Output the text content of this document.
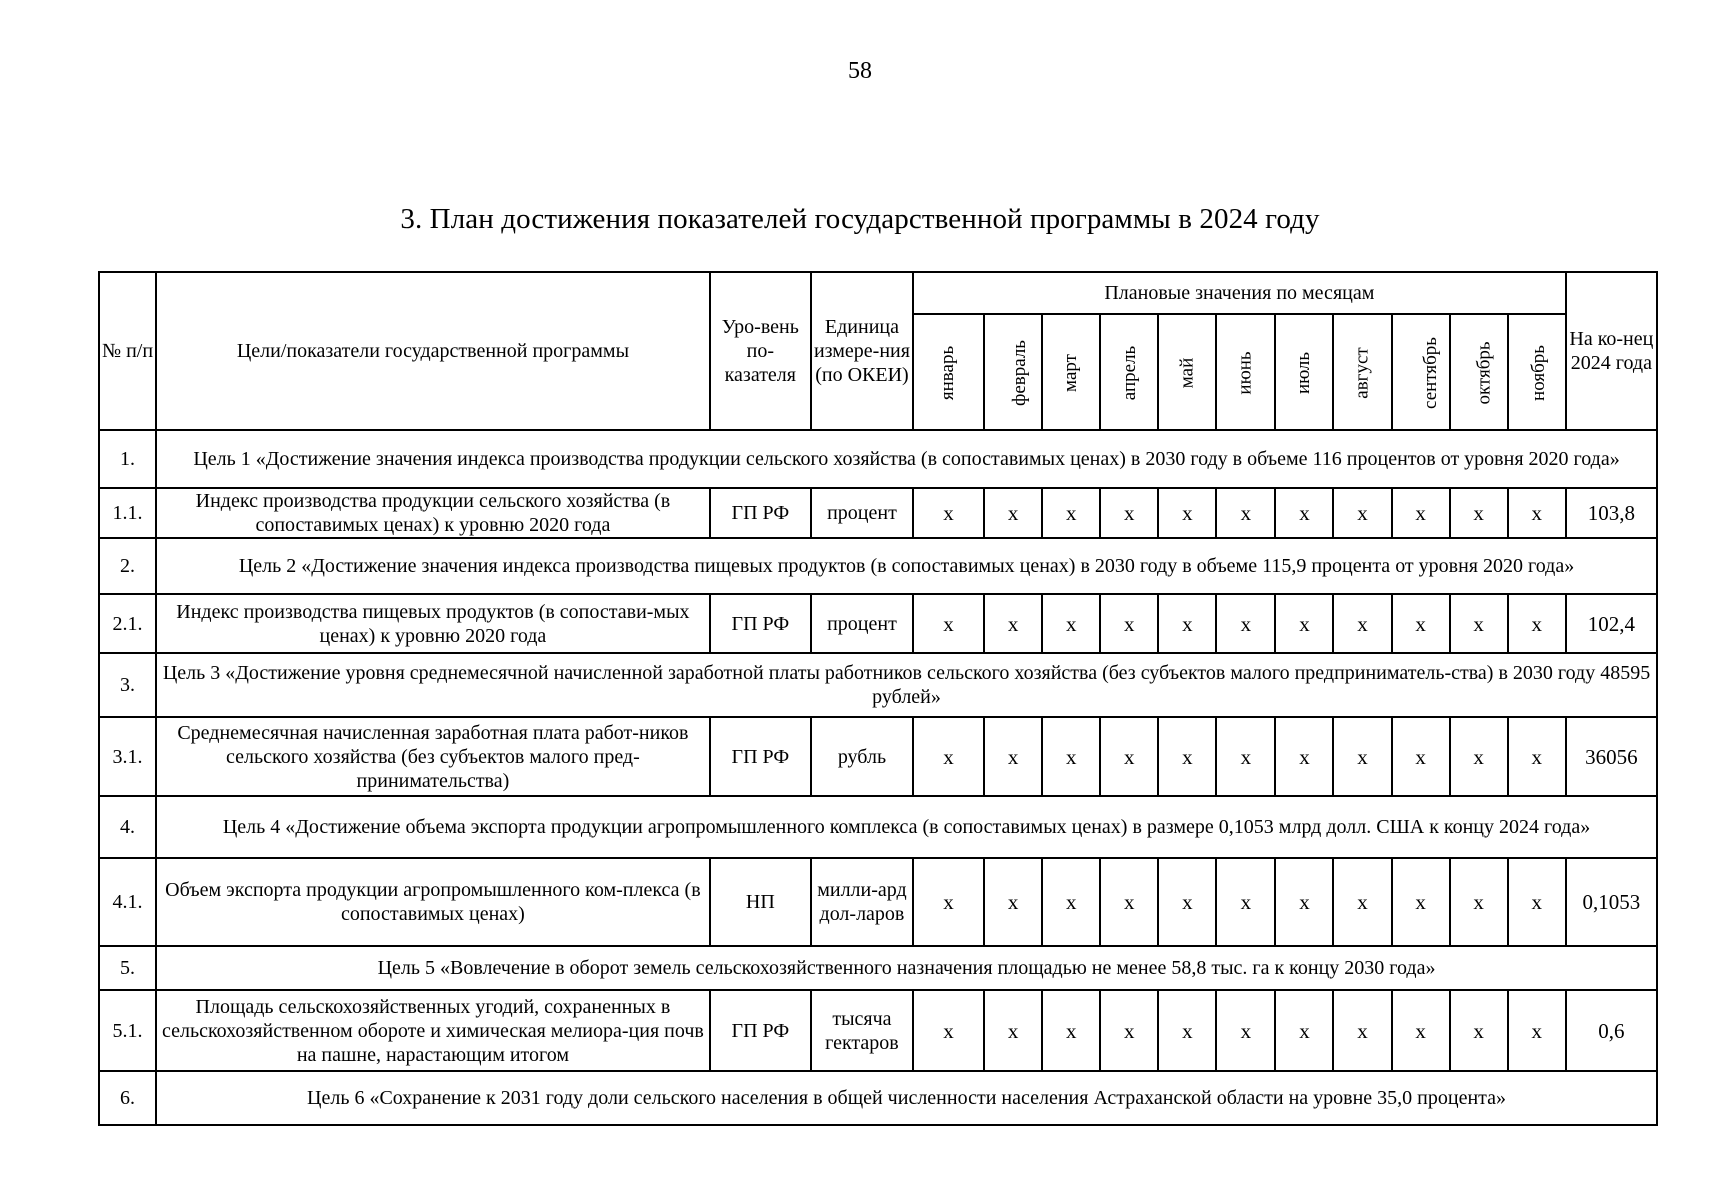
58
3. План достижения показателей государственной программы в 2024 году
№ п/п	Цели/показатели государственной программы	Уро-вень по-казателя	Единица измере-ния (по ОКЕИ)	Плановые значения по месяцам											На ко-нец 2024 года
				январь	февраль	март	апрель	май	июнь	июль	август	сентябрь	октябрь	ноябрь	
1.	Цель 1 «Достижение значения индекса производства продукции сельского хозяйства (в сопоставимых ценах) в 2030 году в объеме 116 процентов от уровня 2020 года»														
1.1.	Индекс производства продукции сельского хозяйства (в сопоставимых ценах) к уровню 2020 года	ГП РФ	процент	x	x	x	x	x	x	x	x	x	x	x	103,8
2.	Цель 2 «Достижение значения индекса производства пищевых продуктов (в сопоставимых ценах) в 2030 году в объеме 115,9 процента от уровня 2020 года»														
2.1.	Индекс производства пищевых продуктов (в сопостави-мых ценах) к уровню 2020 года	ГП РФ	процент	x	x	x	x	x	x	x	x	x	x	x	102,4
3.	Цель 3 «Достижение уровня среднемесячной начисленной заработной платы работников сельского хозяйства (без субъектов малого предприниматель-ства) в 2030 году 48595 рублей»														
3.1.	Среднемесячная начисленная заработная плата работ-ников сельского хозяйства (без субъектов малого пред-принимательства)	ГП РФ	рубль	x	x	x	x	x	x	x	x	x	x	x	36056
4.	Цель 4 «Достижение объема экспорта продукции агропромышленного комплекса (в сопоставимых ценах) в размере 0,1053 млрд долл. США к концу 2024 года»														
4.1.	Объем экспорта продукции агропромышленного ком-плекса (в сопоставимых ценах)	НП	милли-ард дол-ларов	x	x	x	x	x	x	x	x	x	x	x	0,1053
5.	Цель 5 «Вовлечение в оборот земель сельскохозяйственного назначения площадью не менее 58,8 тыс. га к концу 2030 года»														
5.1.	Площадь сельскохозяйственных угодий, сохраненных в сельскохозяйственном обороте и химическая мелиора-ция почв на пашне, нарастающим итогом	ГП РФ	тысяча гектаров	x	x	x	x	x	x	x	x	x	x	x	0,6
6.	Цель 6 «Сохранение к 2031 году доли сельского населения в общей численности населения Астраханской области на уровне 35,0 процента»														
